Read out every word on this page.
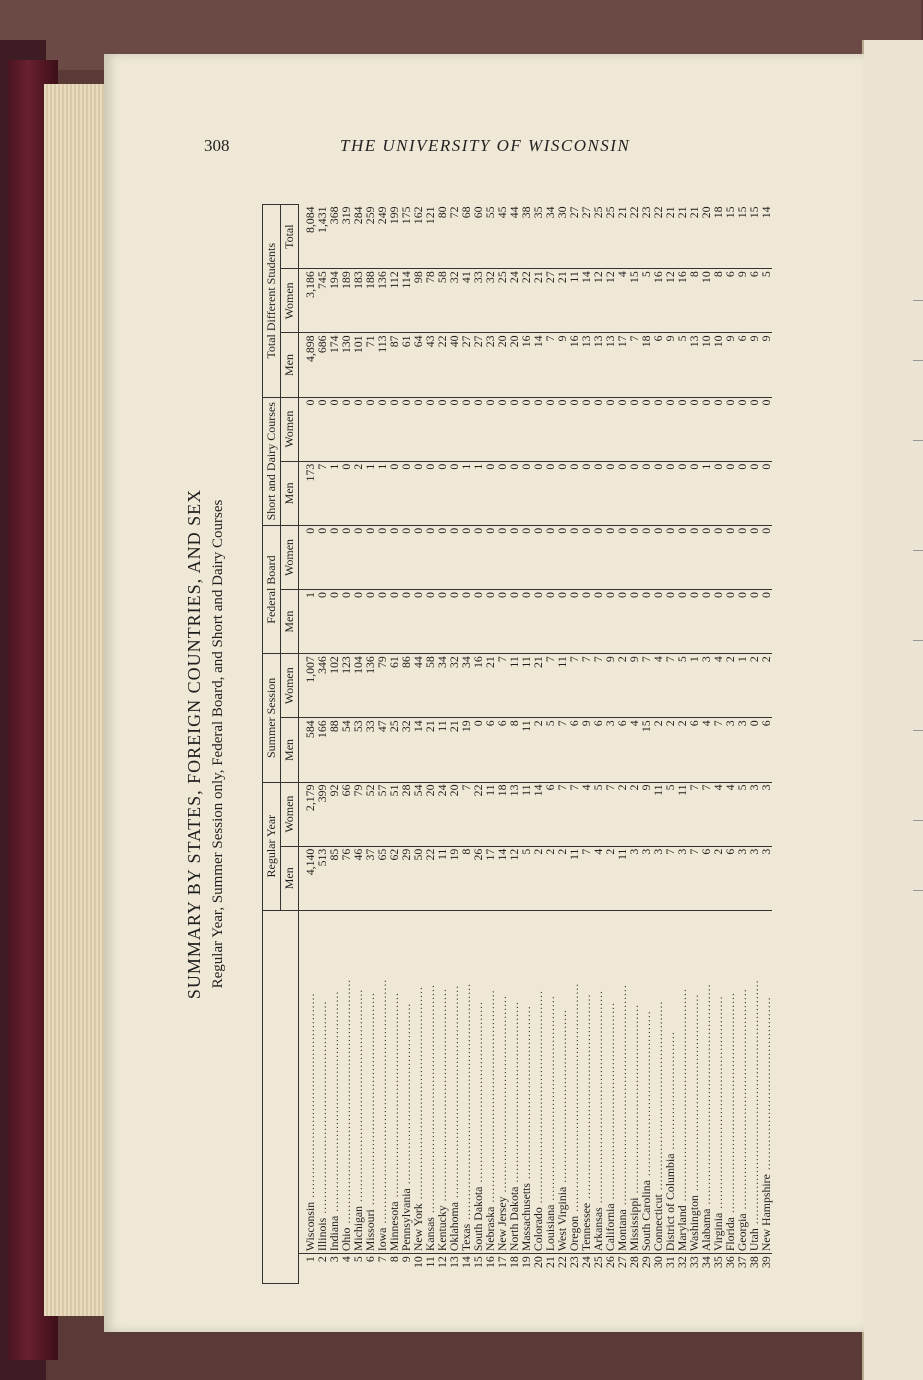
308	THE UNIVERSITY OF WISCONSIN
SUMMARY BY STATES, FOREIGN COUNTRIES, AND SEX Regular Year, Summer Session only, Federal Board, and Short and Dairy Courses
		Regular Year		Summer Session		Federal Board		Short and Dairy Courses		Total Different Students		
		Men	Women	Men	Women	Men	Women	Men	Women	Men	Women	Total
1	Wisconsin ....................................................	4,140	2,179	584	1,007	1	0	173	0	4,898	3,186	8,084
2	Illinois ......................................................	513	399	166	346	0	0	7	0	686	745	1,431
3	Indiana ........................................................	85	92	88	102	0	0	1	0	174	194	368
4	Ohio ..............................................................	76	66	54	123	0	0	0	0	130	189	319
5	Michigan ......................................................	46	79	53	104	0	0	2	0	101	183	284
6	Missouri ......................................................	37	52	33	136	0	0	1	0	71	188	259
7	Iowa ..............................................................	65	57	47	79	0	0	1	0	113	136	249
8	Minnesota ....................................................	62	51	25	61	0	0	0	0	87	112	199
9	Pennsylvania ..............................................	29	28	32	86	0	0	0	0	61	114	175
10	New York ......................................................	50	54	14	44	0	0	0	0	64	98	162
11	Kansas ..........................................................	22	20	21	58	0	0	0	0	43	78	121
12	Kentucky ......................................................	11	24	11	34	0	0	0	0	22	58	80
13	Oklahoma ......................................................	19	20	21	32	0	0	0	0	40	32	72
14	Texas ............................................................	8	7	19	34	0	0	1	0	27	41	68
15	South Dakota ..............................................	26	22	0	16	0	0	1	0	27	33	60
16	Nebraska ......................................................	17	11	6	21	0	0	0	0	23	32	55
17	New Jersey ..................................................	14	18	6	7	0	0	0	0	20	25	45
18	North Dakota ..............................................	12	13	8	11	0	0	0	0	20	24	44
19	Massachusetts ............................................	5	11	11	11	0	0	0	0	16	22	38
20	Colorado ......................................................	2	14	2	21	0	0	0	0	14	21	35
21	Louisiana ....................................................	2	6	5	7	0	0	0	0	7	27	34
22	West Virginia ............................................	2	7	7	11	0	0	0	0	9	21	30
23	Oregon ..........................................................	11	7	6	7	0	0	0	0	16	11	27
24	Tennessee ....................................................	7	4	9	7	0	0	0	0	13	14	27
25	Arkansas ......................................................	4	5	6	7	0	0	0	0	13	12	25
26	California ..................................................	2	7	3	9	0	0	0	0	13	12	25
27	Montana ........................................................	11	2	6	2	0	0	0	0	17	4	21
28	Mississippi ................................................	3	2	4	9	0	0	0	0	7	15	22
29	South Carolina ..........................................	3	9	15	7	0	0	0	0	18	5	23
30	Connecticut ................................................	3	11	2	4	0	0	0	0	6	16	22
31	District of Columbia ..............................	7	5	2	7	0	0	0	0	9	12	21
32	Maryland ......................................................	3	11	2	5	0	0	0	0	5	16	21
33	Washington ..................................................	7	7	6	1	0	0	0	0	13	8	21
34	Alabama ........................................................	6	7	4	3	0	0	1	0	10	10	20
35	Virginia ......................................................	2	4	7	4	0	0	0	0	10	8	18
36	Florida ........................................................	6	4	3	2	0	0	0	0	9	6	15
37	Georgia ........................................................	3	5	3	1	0	0	0	0	6	9	15
38	Utah ..............................................................	3	3	0	2	0	0	0	0	9	6	15
39	New Hampshire ............................................	3	3	6	2	0	0	0	0	9	5	14
